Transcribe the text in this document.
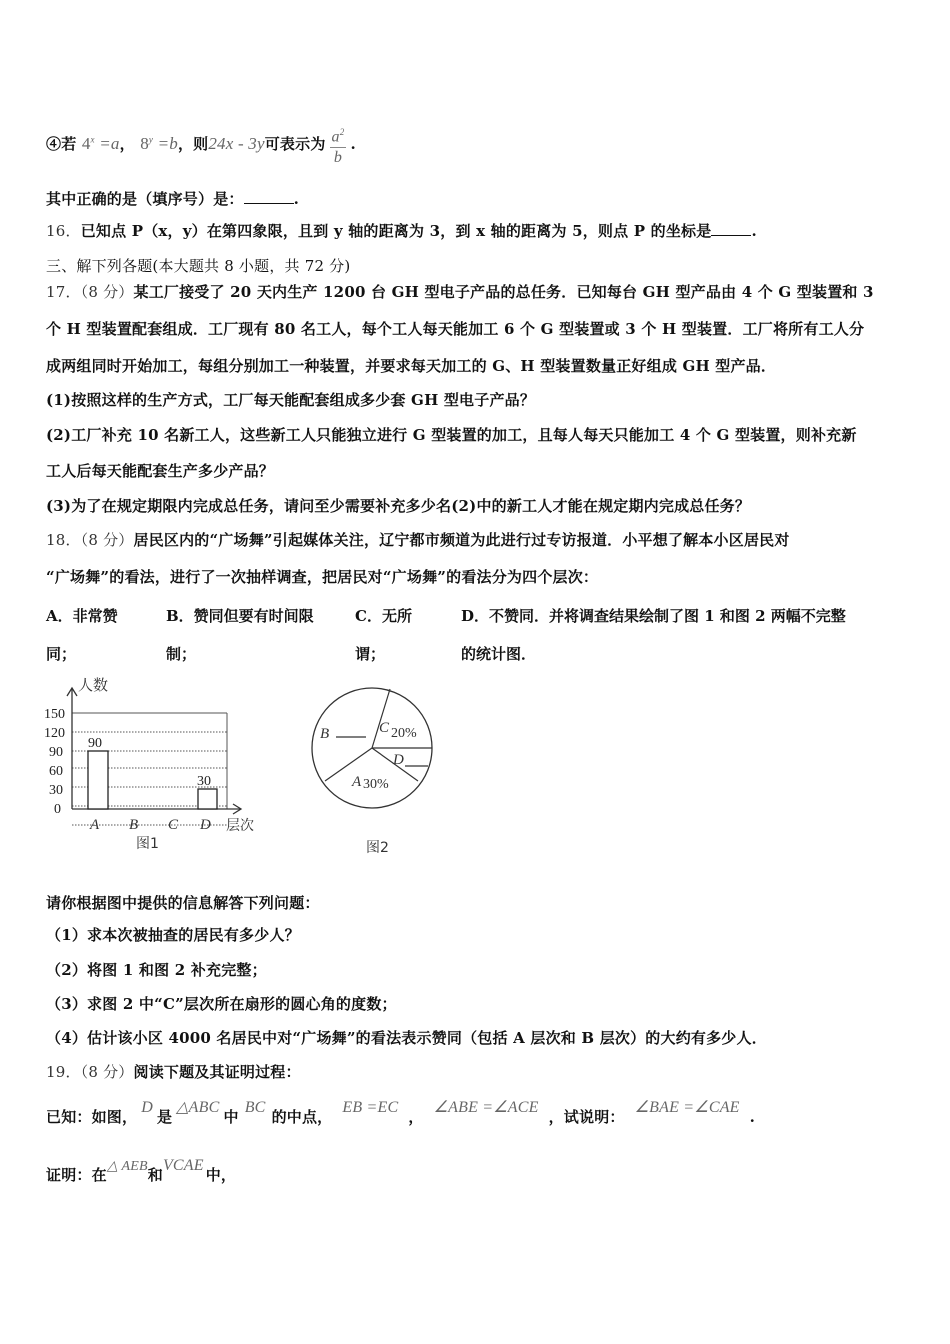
④若 $4^x =a$， $8^y =b$，则24x - 3y可表示为 $\frac{a^2}{b}$ .
其中正确的是（填序号）是：	.
16．已知点 P（x，y）在第四象限，且到 y 轴的距离为 3，到 x 轴的距离为 5，则点 P 的坐标是	.
三、解下列各题(本大题共 8 小题，共 72 分)
17．（8 分）某工厂接受了 20 天内生产 1200 台 GH 型电子产品的总任务．已知每台 GH 型产品由 4 个 G 型装置和 3
个 H 型装置配套组成．工厂现有 80 名工人，每个工人每天能加工 6 个 G 型装置或 3 个 H 型装置．工厂将所有工人分
成两组同时开始加工，每组分别加工一种装置，并要求每天加工的 G、H 型装置数量正好组成 GH 型产品．
(1)按照这样的生产方式，工厂每天能配套组成多少套 GH 型电子产品？
(2)工厂补充 10 名新工人，这些新工人只能独立进行 G 型装置的加工，且每人每天只能加工 4 个 G 型装置，则补充新
工人后每天能配套生产多少产品？
(3)为了在规定期限内完成总任务，请问至少需要补充多少名(2)中的新工人才能在规定期内完成总任务？
18．（8 分）居民区内的“广场舞”引起媒体关注，辽宁都市频道为此进行过专访报道．小平想了解本小区居民对
“广场舞”的看法，进行了一次抽样调查，把居民对“广场舞”的看法分为四个层次：
A．非常赞
同；
B．赞同但要有时间限
制；
C．无所
谓；
D．不赞同．并将调查结果绘制了图 1 和图 2 两幅不完整
的统计图．
150
120
90
60
30
0
90
30
A B C D
人数
层次
图1
B	C
D
A
20%
30%
图2
请你根据图中提供的信息解答下列问题：
（1）求本次被抽查的居民有多少人？
（2）将图 1 和图 2 补充完整；
（3）求图 2 中“C”层次所在扇形的圆心角的度数；
（4）估计该小区 4000 名居民中对“广场舞”的看法表示赞同（包括 A 层次和 B 层次）的大约有多少人．
19．（8 分）阅读下题及其证明过程：
已知：如图，D是△ABC中BC的中点，EB =EC，∠ABE =∠ACE，试说明：∠BAE =∠CAE.
证明：在△ AEB和VCAE中，
